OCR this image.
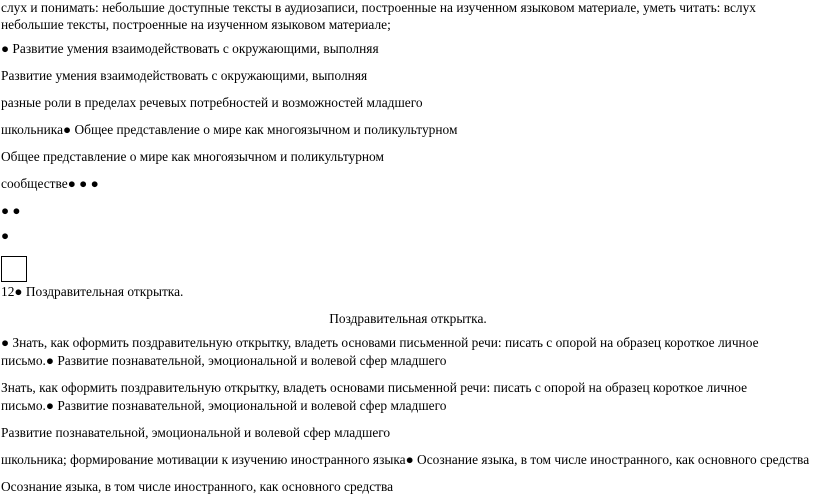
слух и понимать: небольшие доступные тексты в аудиозаписи, построенные на изученном языковом материале, уметь читать: вслух
небольшие тексты, построенные на изученном языковом материале;
● Развитие умения взаимодействовать с окружающими, выполняя
Развитие умения взаимодействовать с окружающими, выполняя
разные роли в пределах речевых потребностей и возможностей младшего
школьника● Общее представление о мире как многоязычном и поликультурном
Общее представление о мире как многоязычном и поликультурном
сообществе● ● ●
● ●
●
12● Поздравительная открытка.
Поздравительная открытка.
● Знать, как оформить поздравительную открытку, владеть основами письменной речи: писать с опорой на образец короткое личное
письмо.● Развитие познавательной, эмоциональной и волевой сфер младшего
Знать, как оформить поздравительную открытку, владеть основами письменной речи: писать с опорой на образец короткое личное
письмо.● Развитие познавательной, эмоциональной и волевой сфер младшего
Развитие познавательной, эмоциональной и волевой сфер младшего
школьника; формирование мотивации к изучению иностранного языка● Осознание языка, в том числе иностранного, как основного средства
Осознание языка, в том числе иностранного, как основного средства
